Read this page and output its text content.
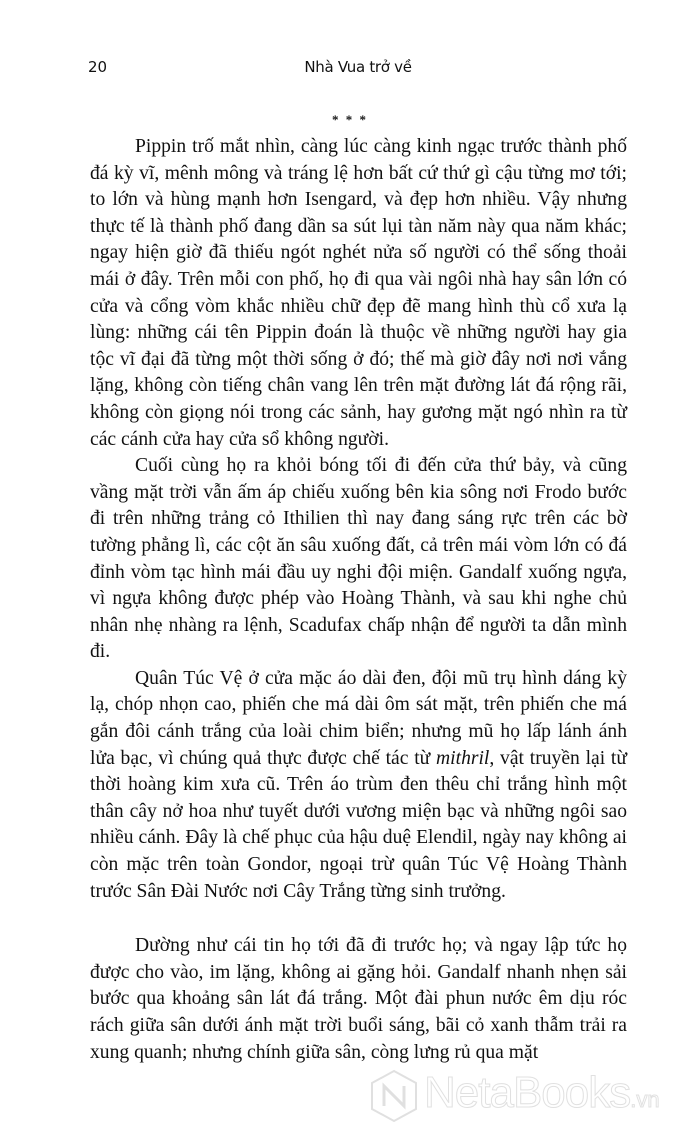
20	Nhà Vua trở về
* * *

Pippin trố mắt nhìn, càng lúc càng kinh ngạc trước thành phố đá kỳ vĩ, mênh mông và tráng lệ hơn bất cứ thứ gì cậu từng mơ tới; to lớn và hùng mạnh hơn Isengard, và đẹp hơn nhiều. Vậy nhưng thực tế là thành phố đang dần sa sút lụi tàn năm này qua năm khác; ngay hiện giờ đã thiếu ngót nghét nửa số người có thể sống thoải mái ở đây. Trên mỗi con phố, họ đi qua vài ngôi nhà hay sân lớn có cửa và cổng vòm khắc nhiều chữ đẹp đẽ mang hình thù cổ xưa lạ lùng: những cái tên Pippin đoán là thuộc về những người hay gia tộc vĩ đại đã từng một thời sống ở đó; thế mà giờ đây nơi nơi vắng lặng, không còn tiếng chân vang lên trên mặt đường lát đá rộng rãi, không còn giọng nói trong các sảnh, hay gương mặt ngó nhìn ra từ các cánh cửa hay cửa sổ không người.

Cuối cùng họ ra khỏi bóng tối đi đến cửa thứ bảy, và cũng vầng mặt trời vẫn ấm áp chiếu xuống bên kia sông nơi Frodo bước đi trên những trảng cỏ Ithilien thì nay đang sáng rực trên các bờ tường phẳng lì, các cột ăn sâu xuống đất, cả trên mái vòm lớn có đá đỉnh vòm tạc hình mái đầu uy nghi đội miện. Gandalf xuống ngựa, vì ngựa không được phép vào Hoàng Thành, và sau khi nghe chủ nhân nhẹ nhàng ra lệnh, Scadufax chấp nhận để người ta dẫn mình đi.

Quân Túc Vệ ở cửa mặc áo dài đen, đội mũ trụ hình dáng kỳ lạ, chóp nhọn cao, phiến che má dài ôm sát mặt, trên phiến che má gắn đôi cánh trắng của loài chim biển; nhưng mũ họ lấp lánh ánh lửa bạc, vì chúng quả thực được chế tác từ mithril, vật truyền lại từ thời hoàng kim xưa cũ. Trên áo trùm đen thêu chỉ trắng hình một thân cây nở hoa như tuyết dưới vương miện bạc và những ngôi sao nhiều cánh. Đây là chế phục của hậu duệ Elendil, ngày nay không ai còn mặc trên toàn Gondor, ngoại trừ quân Túc Vệ Hoàng Thành trước Sân Đài Nước nơi Cây Trắng từng sinh trưởng.

Dường như cái tin họ tới đã đi trước họ; và ngay lập tức họ được cho vào, im lặng, không ai gặng hỏi. Gandalf nhanh nhẹn sải bước qua khoảng sân lát đá trắng. Một đài phun nước êm dịu róc rách giữa sân dưới ánh mặt trời buổi sáng, bãi cỏ xanh thẫm trải ra xung quanh; nhưng chính giữa sân, còng lưng rủ qua mặt

NetaBooks.vn
